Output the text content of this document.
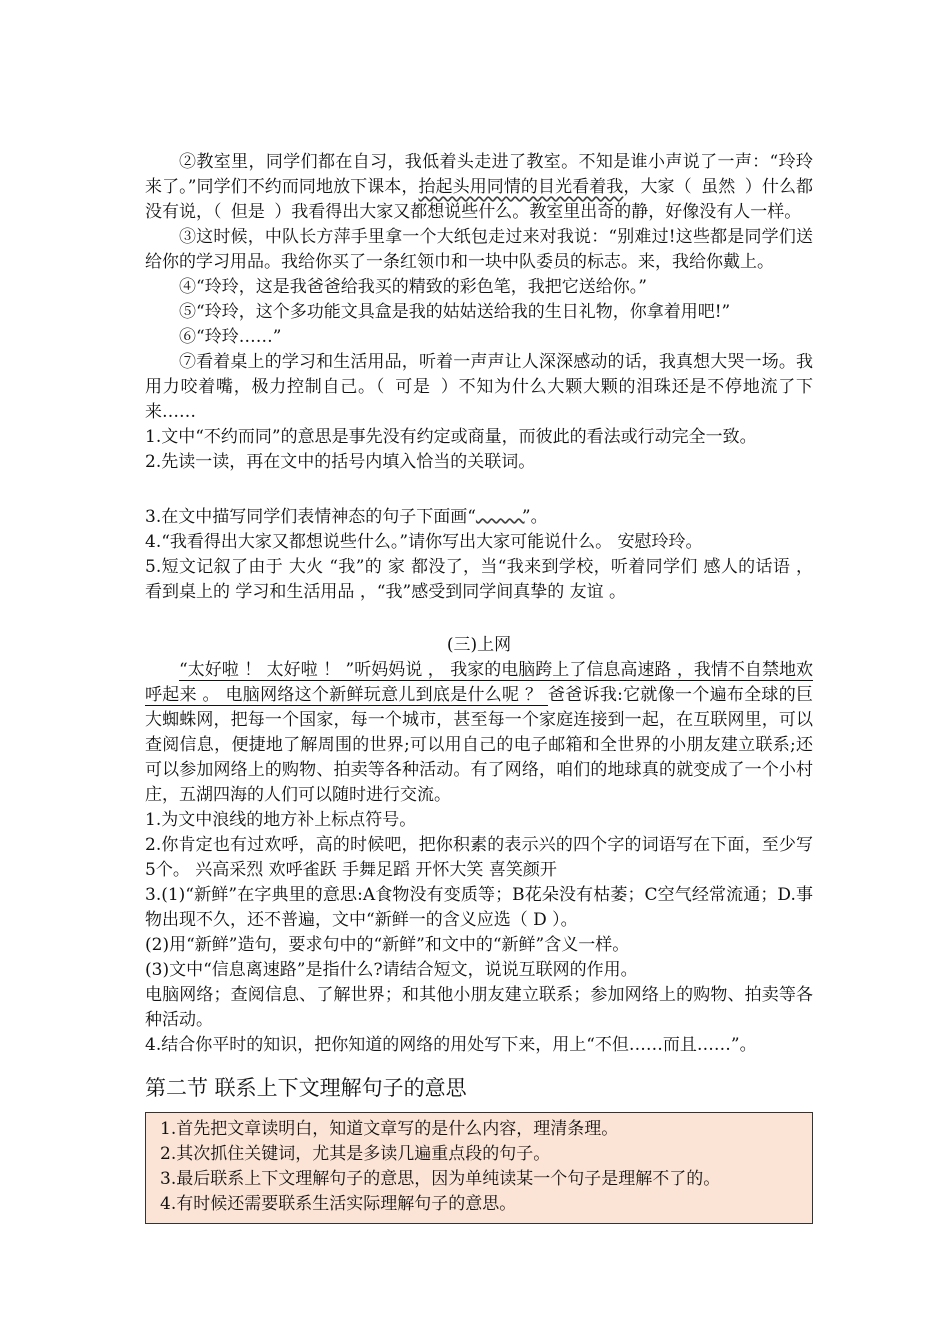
②教室里，同学们都在自习，我低着头走进了教室。不知是谁小声说了一声：“玲玲来了。”同学们不约而同地放下课本，抬起头用同情的目光看着我，大家（ 虽然 ）什么都没有说，（ 但是 ）我看得出大家又都想说些什么。教室里出奇的静，好像没有人一样。

③这时候，中队长方萍手里拿一个大纸包走过来对我说：“别难过!这些都是同学们送给你的学习用品。我给你买了一条红领巾和一块中队委员的标志。来，我给你戴上。

④“玲玲，这是我爸爸给我买的精致的彩色笔，我把它送给你。”

⑤“玲玲，这个多功能文具盒是我的姑姑送给我的生日礼物，你拿着用吧!”

⑥“玲玲……”

⑦看着桌上的学习和生活用品，听着一声声让人深深感动的话，我真想大哭一场。我用力咬着嘴，极力控制自己。（ 可是 ）不知为什么大颗大颗的泪珠还是不停地流了下来……

1.文中“不约而同”的意思是事先没有约定或商量，而彼此的看法或行动完全一致。

2.先读一读，再在文中的括号内填入恰当的关联词。

3.在文中描写同学们表情神态的句子下面画“	”。

4.“我看得出大家又都想说些什么。”请你写出大家可能说什么。 安慰玲玲。

5.短文记叙了由于 大火 “我”的 家 都没了，当“我来到学校，听着同学们 感人的话语 ，看到桌上的 学习和生活用品 ，“我”感受到同学间真挚的 友谊 。

(三)上网

“太好啦 ！ 太好啦 ！ ”听妈妈说 ， 我家的电脑跨上了信息高速路 ，我情不自禁地欢呼起来 。 电脑网络这个新鲜玩意儿到底是什么呢 ？ 爸爸诉我:它就像一个遍布全球的巨大蜘蛛网，把每一个国家，每一个城市，甚至每一个家庭连接到一起，在互联网里，可以查阅信息，便捷地了解周围的世界;可以用自己的电子邮箱和全世界的小朋友建立联系;还可以参加网络上的购物、拍卖等各种活动。有了网络，咱们的地球真的就变成了一个小村庄，五湖四海的人们可以随时进行交流。

1.为文中浪线的地方补上标点符号。

2.你肯定也有过欢呼，高的时候吧，把你积素的表示兴的四个字的词语写在下面，至少写5个。 兴高采烈 欢呼雀跃 手舞足蹈 开怀大笑 喜笑颜开

3.(1)“新鲜”在字典里的意思:A食物没有变质等；B花朵没有枯萎；C空气经常流通；D.事物出现不久，还不普遍，文中“新鲜一的含义应选（ D ）。

(2)用“新鲜”造句，要求句中的“新鲜”和文中的“新鲜”含义一样。

(3)文中“信息离速路”是指什么?请结合短文，说说互联网的作用。

电脑网络；查阅信息、了解世界；和其他小朋友建立联系；参加网络上的购物、拍卖等各种活动。

4.结合你平时的知识，把你知道的网络的用处写下来，用上“不但……而且……”。

第二节 联系上下文理解句子的意思

1.首先把文章读明白，知道文章写的是什么内容，理清条理。

2.其次抓住关键词，尤其是多读几遍重点段的句子。

3.最后联系上下文理解句子的意思，因为单纯读某一个句子是理解不了的。

4.有时候还需要联系生活实际理解句子的意思。
